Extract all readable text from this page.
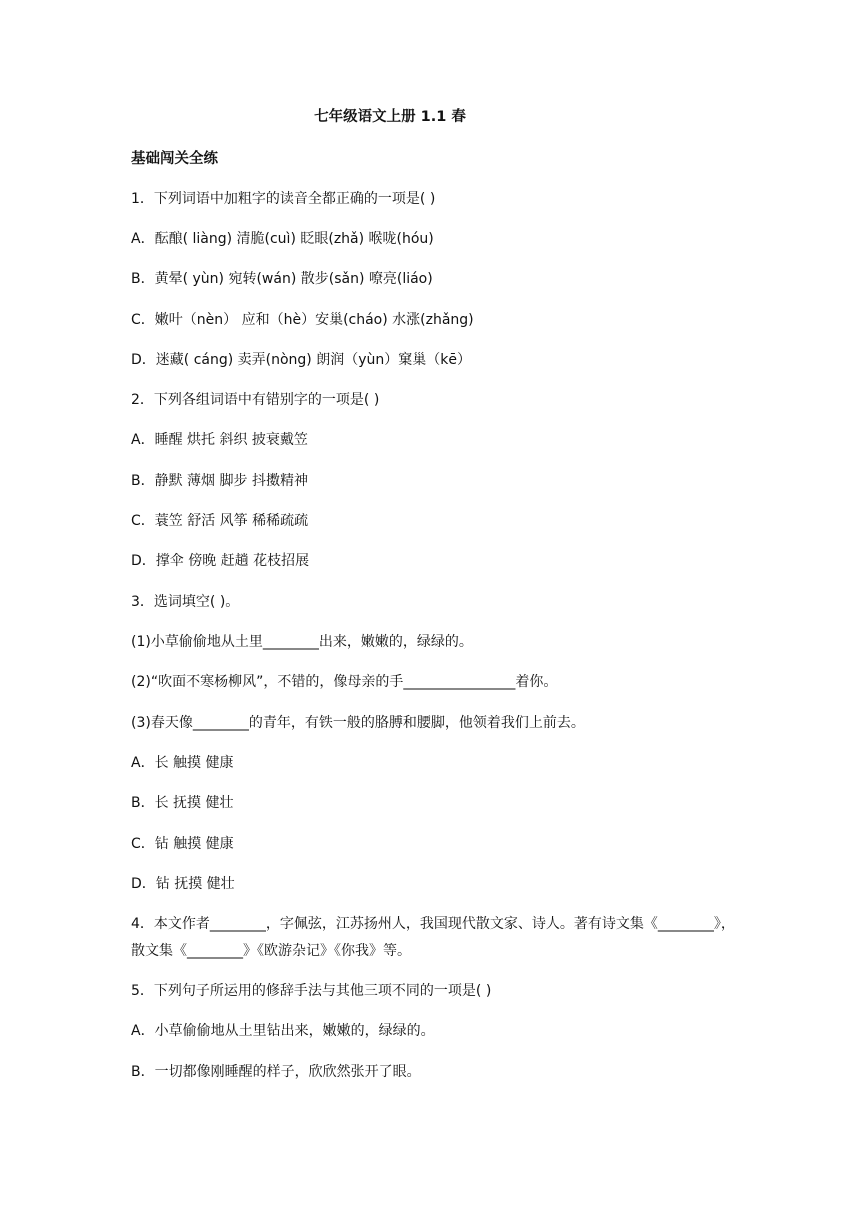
七年级语文上册 1.1 春
基础闯关全练
1．下列词语中加粗字的读音全都正确的一项是( )
A．酝酿( liàng) 清脆(cuì) 眨眼(zhǎ) 喉咙(hóu)
B．黄晕( yùn) 宛转(wán) 散步(sǎn) 嘹亮(liáo)
C．嫩叶（nèn） 应和（hè）安巢(cháo) 水涨(zhǎng)
D．迷藏( cáng) 卖弄(nòng) 朗润（yùn）窠巢（kē）
2．下列各组词语中有错别字的一项是( )
A．睡醒 烘托 斜织 披衰戴笠
B．静默 薄烟 脚步 抖擞精神
C．蓑笠 舒活 风筝 稀稀疏疏
D．撑伞 傍晚 赶趟 花枝招展
3．选词填空( )。
(1)小草偷偷地从土里________出来，嫩嫩的，绿绿的。
(2)“吹面不寒杨柳风”，不错的，像母亲的手________________着你。
(3)春天像________的青年，有铁一般的胳膊和腰脚，他领着我们上前去。
A．长 触摸 健康
B．长 抚摸 健壮
C．钻 触摸 健康
D．钻 抚摸 健壮
4．本文作者________，字佩弦，江苏扬州人，我国现代散文家、诗人。著有诗文集《________》，
散文集《________》《欧游杂记》《你我》等。
5．下列句子所运用的修辞手法与其他三项不同的一项是( )
A．小草偷偷地从土里钻出来，嫩嫩的，绿绿的。
B．一切都像刚睡醒的样子，欣欣然张开了眼。
